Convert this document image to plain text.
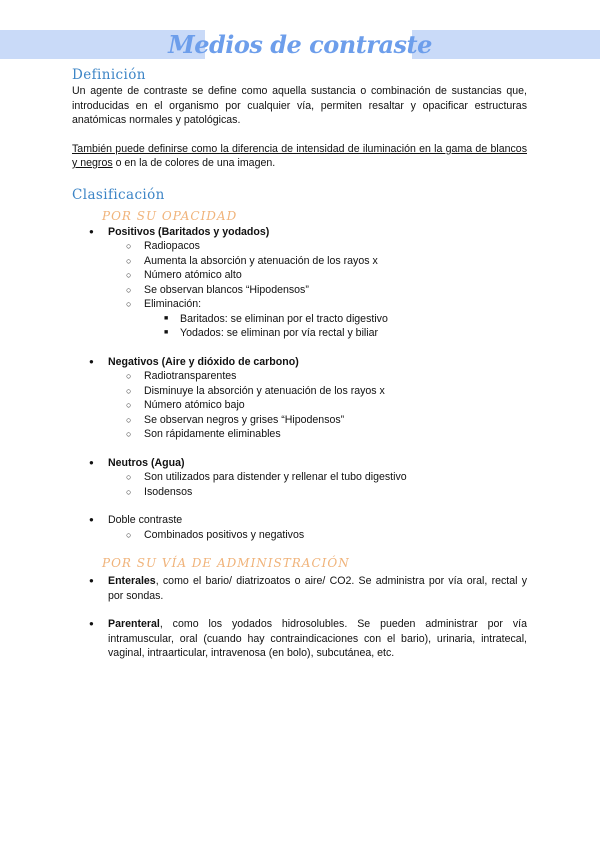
Medios de contraste
Definición

Un agente de contraste se define como aquella sustancia o combinación de sustancias que, introducidas en el organismo por cualquier vía, permiten resaltar y opacificar estructuras anatómicas normales y patológicas.

También puede definirse como la diferencia de intensidad de iluminación en la gama de blancos y negros o en la de colores de una imagen.

Clasificación
POR SU OPACIDAD
● Positivos (Baritados y yodados)
○ Radiopacos
○ Aumenta la absorción y atenuación de los rayos x
○ Número atómico alto
○ Se observan blancos “Hipodensos”
○ Eliminación:
■ Baritados: se eliminan por el tracto digestivo
■ Yodados: se eliminan por vía rectal y biliar
● Negativos (Aire y dióxido de carbono)
○ Radiotransparentes
○ Disminuye la absorción y atenuación de los rayos x
○ Número atómico bajo
○ Se observan negros y grises “Hipodensos”
○ Son rápidamente eliminables
● Neutros (Agua)
○ Son utilizados para distender y rellenar el tubo digestivo
○ Isodensos
● Doble contraste
○ Combinados positivos y negativos
POR SU VÍA DE ADMINISTRACIÓN
● Enterales, como el bario/ diatrizoatos o aire/ CO2. Se administra por vía oral, rectal y por sondas.
● Parenteral, como los yodados hidrosolubles. Se pueden administrar por vía intramuscular, oral (cuando hay contraindicaciones con el bario), urinaria, intratecal, vaginal, intraarticular, intravenosa (en bolo), subcutánea, etc.
